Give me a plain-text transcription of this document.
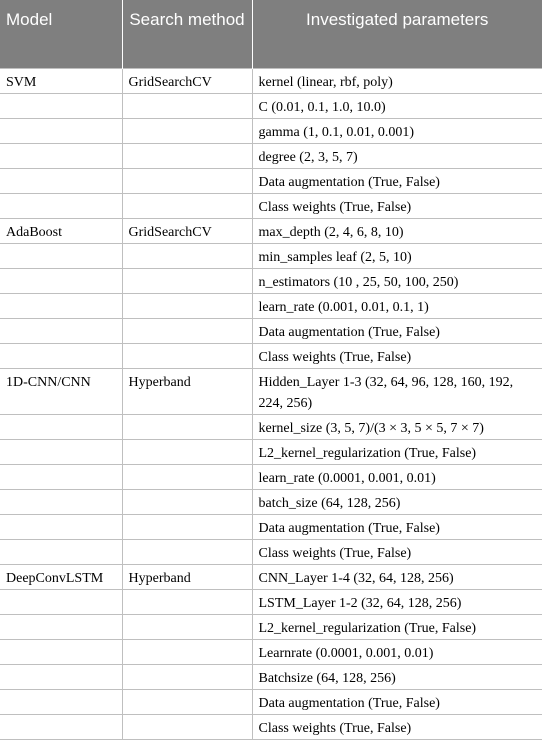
Model	Search method	Investigated parameters
SVM	GridSearchCV	kernel (linear, rbf, poly)
		C (0.01, 0.1, 1.0, 10.0)
		gamma (1, 0.1, 0.01, 0.001)
		degree (2, 3, 5, 7)
		Data augmentation (True, False)
		Class weights (True, False)
AdaBoost	GridSearchCV	max_depth (2, 4, 6, 8, 10)
		min_samples leaf (2, 5, 10)
		n_estimators (10 , 25, 50, 100, 250)
		learn_rate (0.001, 0.01, 0.1, 1)
		Data augmentation (True, False)
		Class weights (True, False)
1D-CNN/CNN	Hyperband	Hidden_Layer 1-3 (32, 64, 96, 128, 160, 192, 224, 256)
		kernel_size (3, 5, 7)/(3 × 3, 5 × 5, 7 × 7)
		L2_kernel_regularization (True, False)
		learn_rate (0.0001, 0.001, 0.01)
		batch_size (64, 128, 256)
		Data augmentation (True, False)
		Class weights (True, False)
DeepConvLSTM	Hyperband	CNN_Layer 1-4 (32, 64, 128, 256)
		LSTM_Layer 1-2 (32, 64, 128, 256)
		L2_kernel_regularization (True, False)
		Learnrate (0.0001, 0.001, 0.01)
		Batchsize (64, 128, 256)
		Data augmentation (True, False)
		Class weights (True, False)
